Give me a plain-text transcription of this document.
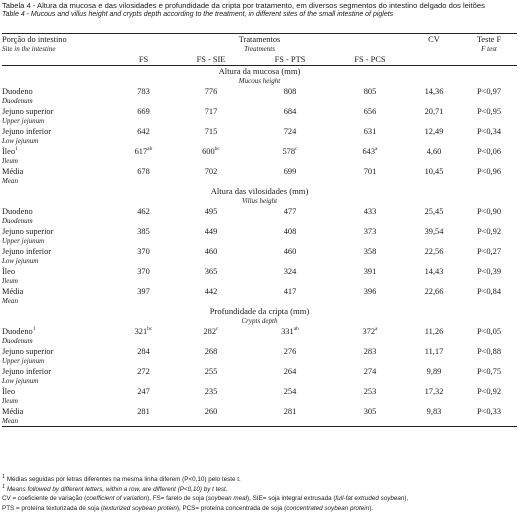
Tabela 4 - Altura da mucosa e das vilosidades e profundidade da cripta por tratamento, em diversos segmentos do intestino delgado dos leitões
Table 4 - Mucous and villus height and crypts depth according to the treatment, in different sites of the small intestine of piglets
Porção do intestino	Tratamentos				CV	Teste F
Site in the intestine	Treatments					F test
	FS	FS - SIE	FS - PTS	FS - PCS		
	Altura da mucosa (mm)					
	Mucous height					
Duodeno	783	776	808	805	14,36	P<0,97
Duodenum						
Jejuno superior	669	717	684	656	20,71	P<0,95
Upper jejunum						
Jejuno inferior	642	715	724	631	12,49	P<0,34
Low jejunum						
Íleo$^1$	$617^{ab}$	$600^{bc}$	578$^c$	643$^a$	4,60	P<0,06
Ileum						
Média	678	702	699	701	10,45	P<0,96
Mean						
	Altura das vilosidades (mm)					
	Villus height					
Duodeno	462	495	477	433	25,45	P<0,90
Duodenum						
Jejuno superior	385	449	408	373	39,54	P<0,92
Upper jejunum						
Jejuno inferior	370	460	460	358	22,56	P<0,27
Low jejunum						
Íleo	370	365	324	391	14,43	P<0,39
Ileum						
Média	397	442	417	396	22,66	P<0,84
Mean						
	Profundidade da cripta (mm)					
	Crypts depth					
Duodeno$^1$	$321^{bc}$	282$^c$	$331^{ab}$	372$^a$	11,26	P<0,05
Duodenum						
Jejuno superior	284	268	276	283	11,17	P<0,88
Upper jejunum						
Jejuno inferior	272	255	264	274	9,89	P<0,75
Low jejunum						
Íleo	247	235	254	253	17,32	P<0,92
Ileum						
Média	281	260	281	305	9,83	P<0,33
Mean						
$^1$ Médias seguidas por letras diferentes na mesma linha diferem (P<0,10) pelo teste t.
$^1$ Means followed by different letters, within a row, are different (P<0,10) by t test.
CV = coeficiente de variação (coefficient of variation), FS= farelo de soja (soybean meal), SIE= soja integral extrusada (full-fat extruded soybean),
PTS = proteína texturizada de soja (texturized soybean protein), PCS= proteína concentrada de soja (concentrated soybean protein).
